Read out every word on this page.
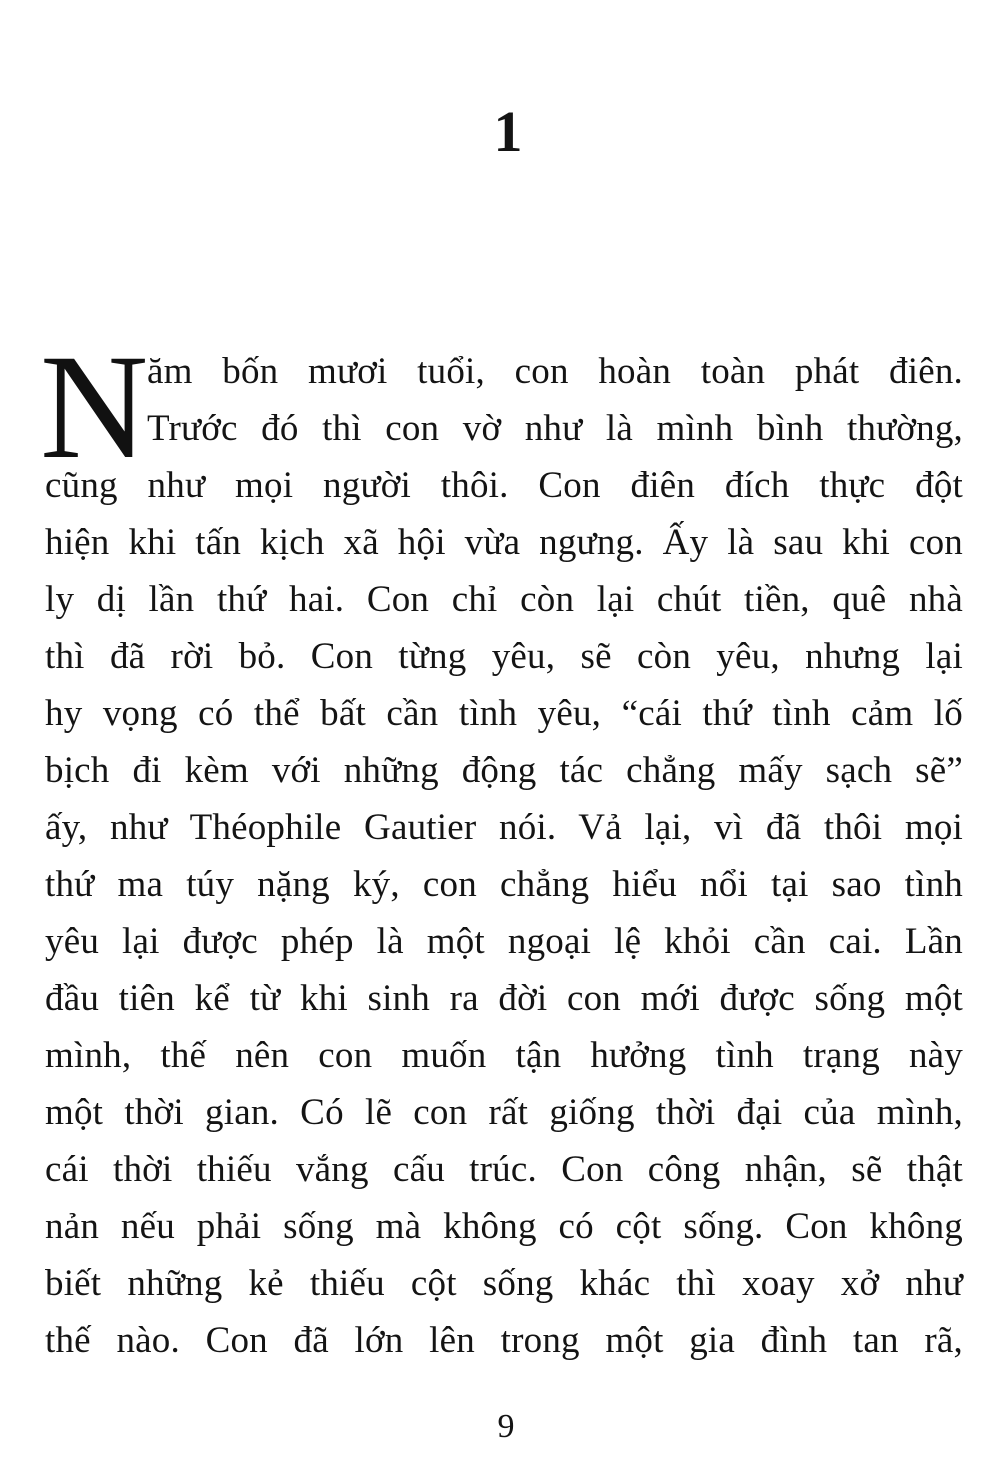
1
N
ăm bốn mươi tuổi, con hoàn toàn phát điên.
Trước đó thì con vờ như là mình bình thường,
cũng như mọi người thôi. Con điên đích thực đột
hiện khi tấn kịch xã hội vừa ngưng. Ấy là sau khi con
ly dị lần thứ hai. Con chỉ còn lại chút tiền, quê nhà
thì đã rời bỏ. Con từng yêu, sẽ còn yêu, nhưng lại
hy vọng có thể bất cần tình yêu, “cái thứ tình cảm lố
bịch đi kèm với những động tác chẳng mấy sạch sẽ”
ấy, như Théophile Gautier nói. Vả lại, vì đã thôi mọi
thứ ma túy nặng ký, con chẳng hiểu nổi tại sao tình
yêu lại được phép là một ngoại lệ khỏi cần cai. Lần
đầu tiên kể từ khi sinh ra đời con mới được sống một
mình, thế nên con muốn tận hưởng tình trạng này
một thời gian. Có lẽ con rất giống thời đại của mình,
cái thời thiếu vắng cấu trúc. Con công nhận, sẽ thật
nản nếu phải sống mà không có cột sống. Con không
biết những kẻ thiếu cột sống khác thì xoay xở như
thế nào. Con đã lớn lên trong một gia đình tan rã,
9
